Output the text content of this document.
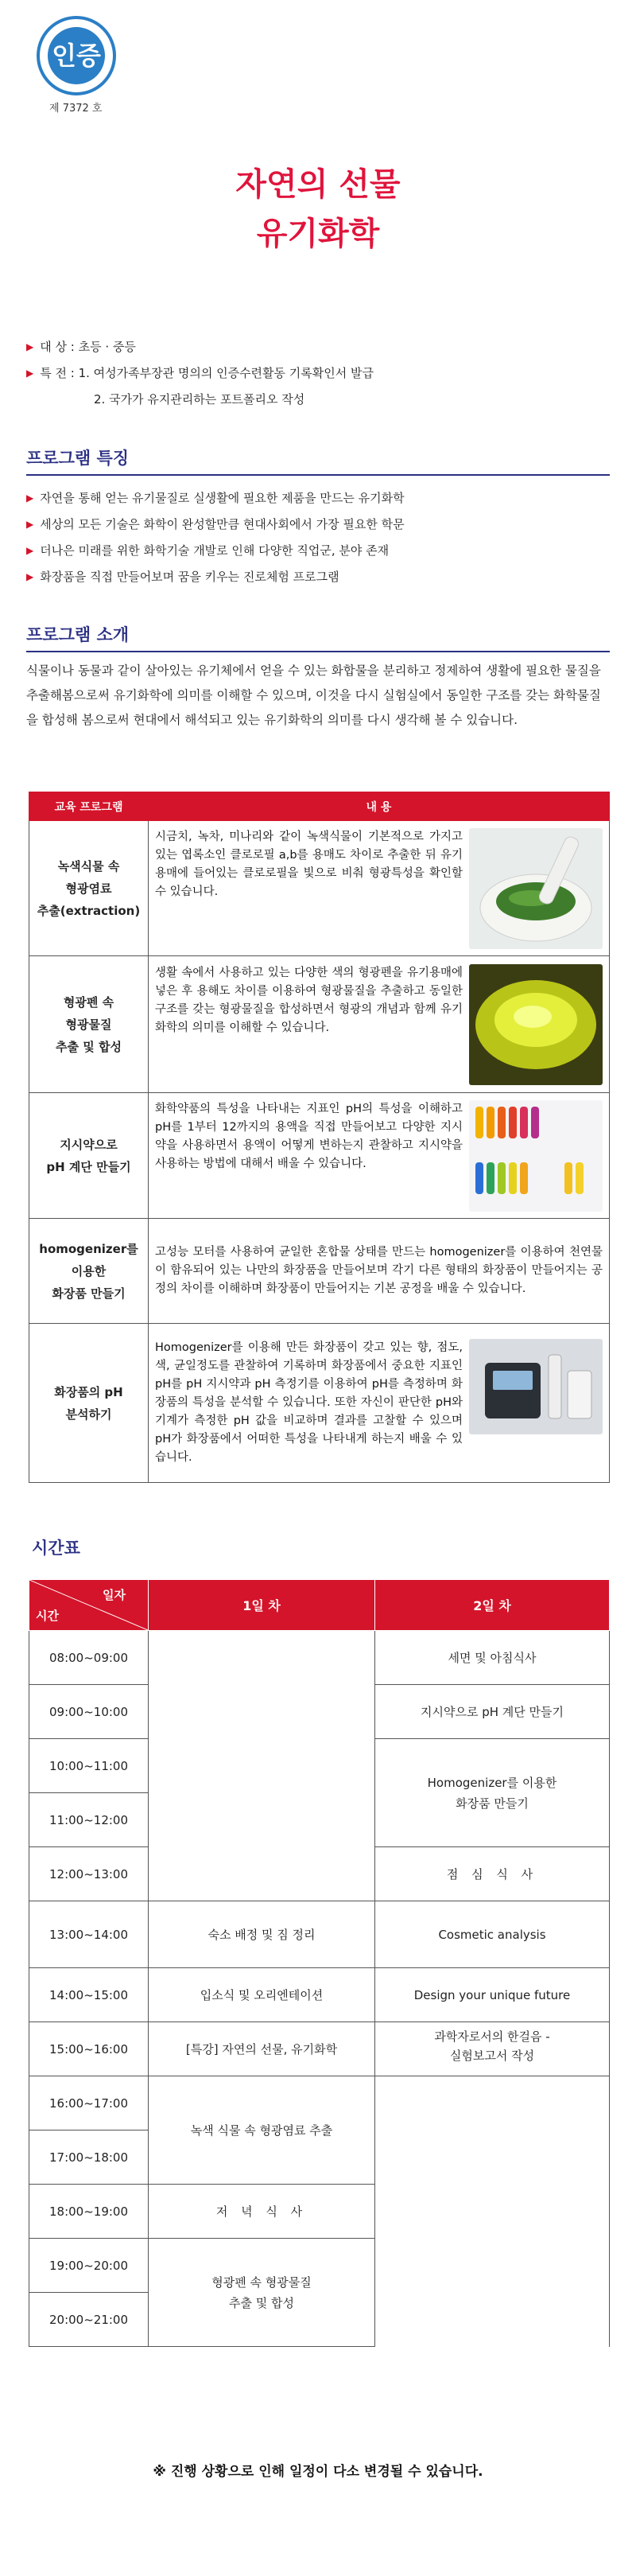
인증
제 7372 호
자연의 선물
유기화학
▶ 대 상 : 초등 · 중등
▶ 특 전 : 1. 여성가족부장관 명의의 인증수련활동 기록확인서 발급
2. 국가가 유지관리하는 포트폴리오 작성
프로그램 특징
▶ 자연을 통해 얻는 유기물질로 실생활에 필요한 제품을 만드는 유기화학
▶ 세상의 모든 기술은 화학이 완성할만큼 현대사회에서 가장 필요한 학문
▶ 더나은 미래를 위한 화학기술 개발로 인해 다양한 직업군, 분야 존재
▶ 화장품을 직접 만들어보며 꿈을 키우는 진로체험 프로그램
프로그램 소개
식물이나 동물과 같이 살아있는 유기체에서 얻을 수 있는 화합물을 분리하고 정제하여 생활에 필요한 물질을 추출해봄으로써 유기화학에 의미를 이해할 수 있으며, 이것을 다시 실험실에서 동일한 구조를 갖는 화학물질을 합성해 봄으로써 현대에서 해석되고 있는 유기화학의 의미를 다시 생각해 볼 수 있습니다.
교육 프로그램	내 용
녹색식물 속
형광염료
추출(extraction)	시금치, 녹차, 미나리와 같이 녹색식물이 기본적으로 가지고 있는 엽록소인 클로로필 a,b를 용매도 차이로 추출한 뒤 유기용매에 들어있는 클로로필을 빛으로 비춰 형광특성을 확인할 수 있습니다.

형광펜 속
형광물질
추출 및 합성	생활 속에서 사용하고 있는 다양한 색의 형광펜을 유기용매에 넣은 후 용해도 차이를 이용하여 형광물질을 추출하고 동일한 구조를 갖는 형광물질을 합성하면서 형광의 개념과 함께 유기화학의 의미를 이해할 수 있습니다.

지시약으로
pH 계단 만들기	화학약품의 특성을 나타내는 지표인 pH의 특성을 이해하고 pH를 1부터 12까지의 용액을 직접 만들어보고 다양한 지시약을 사용하면서 용액이 어떻게 변하는지 관찰하고 지시약을 사용하는 방법에 대해서 배울 수 있습니다.

homogenizer를
이용한
화장품 만들기	고성능 모터를 사용하여 균일한 혼합물 상태를 만드는 homogenizer를 이용하여 천연물이 함유되어 있는 나만의 화장품을 만들어보며 각기 다른 형태의 화장품이 만들어지는 공정의 차이를 이해하며 화장품이 만들어지는 기본 공정을 배울 수 있습니다.

화장품의 pH
분석하기	Homogenizer를 이용해 만든 화장품이 갖고 있는 향, 점도, 색, 균일정도를 관찰하여 기록하며 화장품에서 중요한 지표인 pH를 pH 지시약과 pH 측정기를 이용하여 pH를 측정하며 화장품의 특성을 분석할 수 있습니다. 또한 자신이 판단한 pH와 기계가 측정한 pH 값을 비교하며 결과를 고찰할 수 있으며 pH가 화장품에서 어떠한 특성을 나타내게 하는지 배울 수 있습니다.
시간표
일자
시간	1일 차	2일 차
08:00~09:00		세면 및 아침식사
09:00~10:00		지시약으로 pH 계단 만들기
10:00~11:00		Homogenizer를 이용한
화장품 만들기
11:00~12:00		
12:00~13:00		점 심 식 사
13:00~14:00	숙소 배정 및 짐 정리	Cosmetic analysis
14:00~15:00	입소식 및 오리엔테이션	Design your unique future
15:00~16:00	[특강] 자연의 선물, 유기화학	과학자로서의 한걸음 -
실험보고서 작성
16:00~17:00	녹색 식물 속 형광염료 추출	
17:00~18:00		
18:00~19:00	저 녁 식 사	
19:00~20:00	형광펜 속 형광물질
추출 및 합성	
20:00~21:00		
※ 진행 상황으로 인해 일정이 다소 변경될 수 있습니다.
